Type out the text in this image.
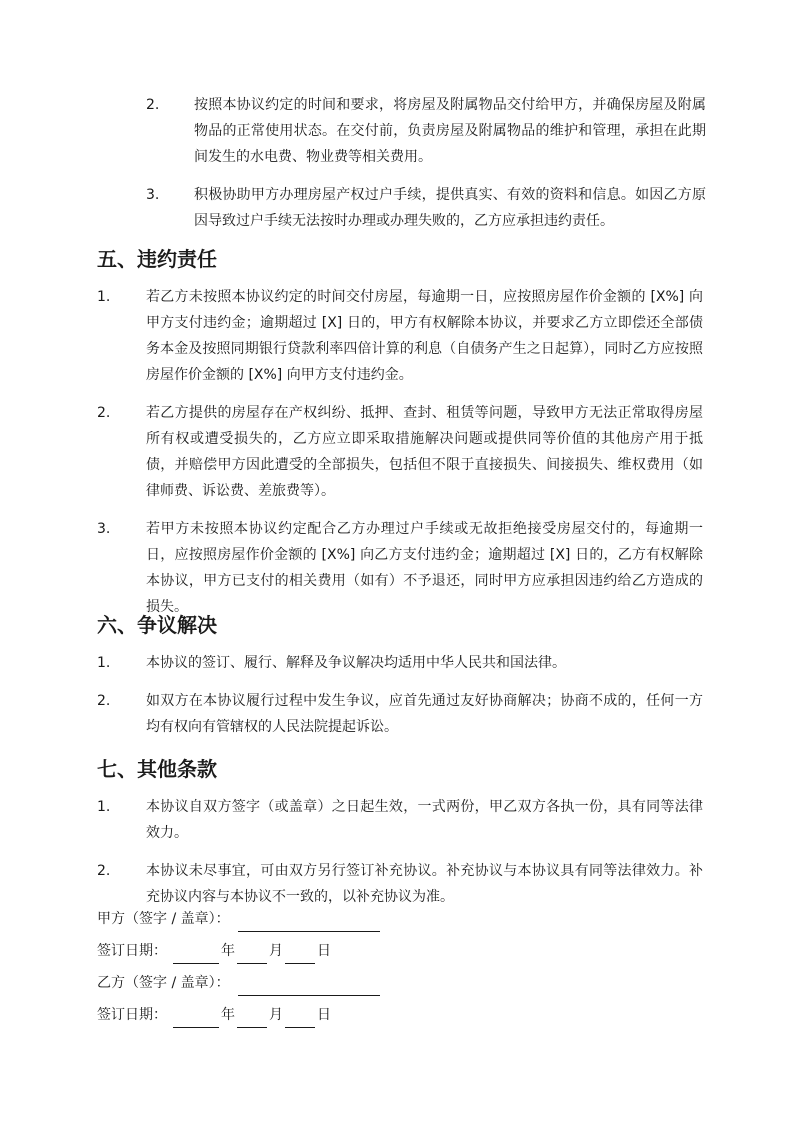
2.	按照本协议约定的时间和要求，将房屋及附属物品交付给甲方，并确保房屋及附属物品的正常使用状态。在交付前，负责房屋及附属物品的维护和管理，承担在此期间发生的水电费、物业费等相关费用。
3.	积极协助甲方办理房屋产权过户手续，提供真实、有效的资料和信息。如因乙方原因导致过户手续无法按时办理或办理失败的，乙方应承担违约责任。
五、违约责任
1.	若乙方未按照本协议约定的时间交付房屋，每逾期一日，应按照房屋作价金额的 [X%] 向甲方支付违约金；逾期超过 [X] 日的，甲方有权解除本协议，并要求乙方立即偿还全部债务本金及按照同期银行贷款利率四倍计算的利息（自债务产生之日起算），同时乙方应按照房屋作价金额的 [X%] 向甲方支付违约金。
2.	若乙方提供的房屋存在产权纠纷、抵押、查封、租赁等问题，导致甲方无法正常取得房屋所有权或遭受损失的，乙方应立即采取措施解决问题或提供同等价值的其他房产用于抵债，并赔偿甲方因此遭受的全部损失，包括但不限于直接损失、间接损失、维权费用（如律师费、诉讼费、差旅费等）。
3.	若甲方未按照本协议约定配合乙方办理过户手续或无故拒绝接受房屋交付的，每逾期一日，应按照房屋作价金额的 [X%] 向乙方支付违约金；逾期超过 [X] 日的，乙方有权解除本协议，甲方已支付的相关费用（如有）不予退还，同时甲方应承担因违约给乙方造成的损失。
六、争议解决
1.	本协议的签订、履行、解释及争议解决均适用中华人民共和国法律。
2.	如双方在本协议履行过程中发生争议，应首先通过友好协商解决；协商不成的，任何一方均有权向有管辖权的人民法院提起诉讼。
七、其他条款
1.	本协议自双方签字（或盖章）之日起生效，一式两份，甲乙双方各执一份，具有同等法律效力。
2.	本协议未尽事宜，可由双方另行签订补充协议。补充协议与本协议具有同等法律效力。补充协议内容与本协议不一致的，以补充协议为准。
甲方（签字 / 盖章）：
签订日期：	年 月 日
乙方（签字 / 盖章）：
签订日期：	年 月 日
